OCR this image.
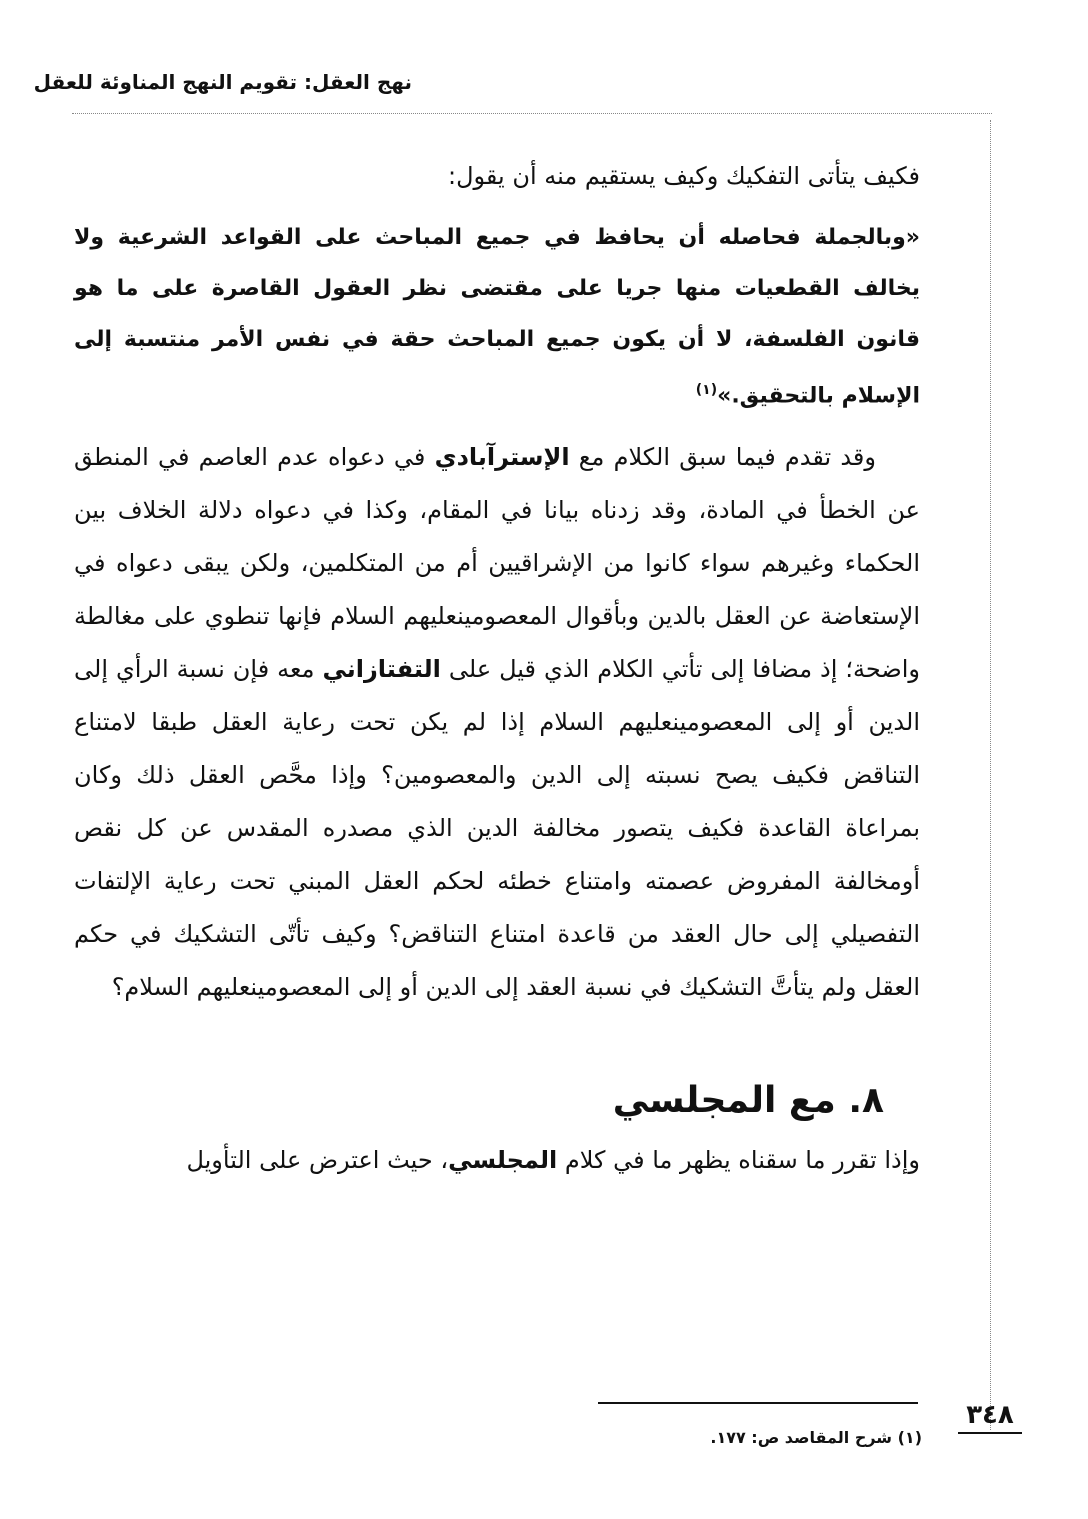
نهج العقل: تقويم النهج المناوئة للعقل

فكيف يتأتى التفكيك وكيف يستقيم منه أن يقول:

«وبالجملة فحاصله أن يحافظ في جميع المباحث على القواعد الشرعية ولا يخالف القطعيات منها جريا على مقتضى نظر العقول القاصرة على ما هو قانون الفلسفة، لا أن يكون جميع المباحث حقة في نفس الأمر منتسبة إلى الإسلام بالتحقيق.»$^{(١)}$

وقد تقدم فيما سبق الكلام مع الإسترآبادي في دعواه عدم العاصم في المنطق عن الخطأ في المادة، وقد زدناه بيانا في المقام، وكذا في دعواه دلالة الخلاف بين الحكماء وغيرهم سواء كانوا من الإشراقيين أم من المتكلمين، ولكن يبقى دعواه في الإستعاضة عن العقل بالدين وبأقوال المعصومينعليهم السلام فإنها تنطوي على مغالطة واضحة؛ إذ مضافا إلى تأتي الكلام الذي قيل على التفتازاني معه فإن نسبة الرأي إلى الدين أو إلى المعصومينعليهم السلام إذا لم يكن تحت رعاية العقل طبقا لامتناع التناقض فكيف يصح نسبته إلى الدين والمعصومين؟ وإذا محَّص العقل ذلك وكان بمراعاة القاعدة فكيف يتصور مخالفة الدين الذي مصدره المقدس عن كل نقص أومخالفة المفروض عصمته وامتناع خطئه لحكم العقل المبني تحت رعاية الإلتفات التفصيلي إلى حال العقد من قاعدة امتناع التناقض؟ وكيف تأتّى التشكيك في حكم العقل ولم يتأتَّ التشكيك في نسبة العقد إلى الدين أو إلى المعصومينعليهم السلام؟

٨. مع المجلسي

وإذا تقرر ما سقناه يظهر ما في كلام المجلسي، حيث اعترض على التأويل

(١) شرح المقاصد ص: ١٧٧.
٣٤٨
